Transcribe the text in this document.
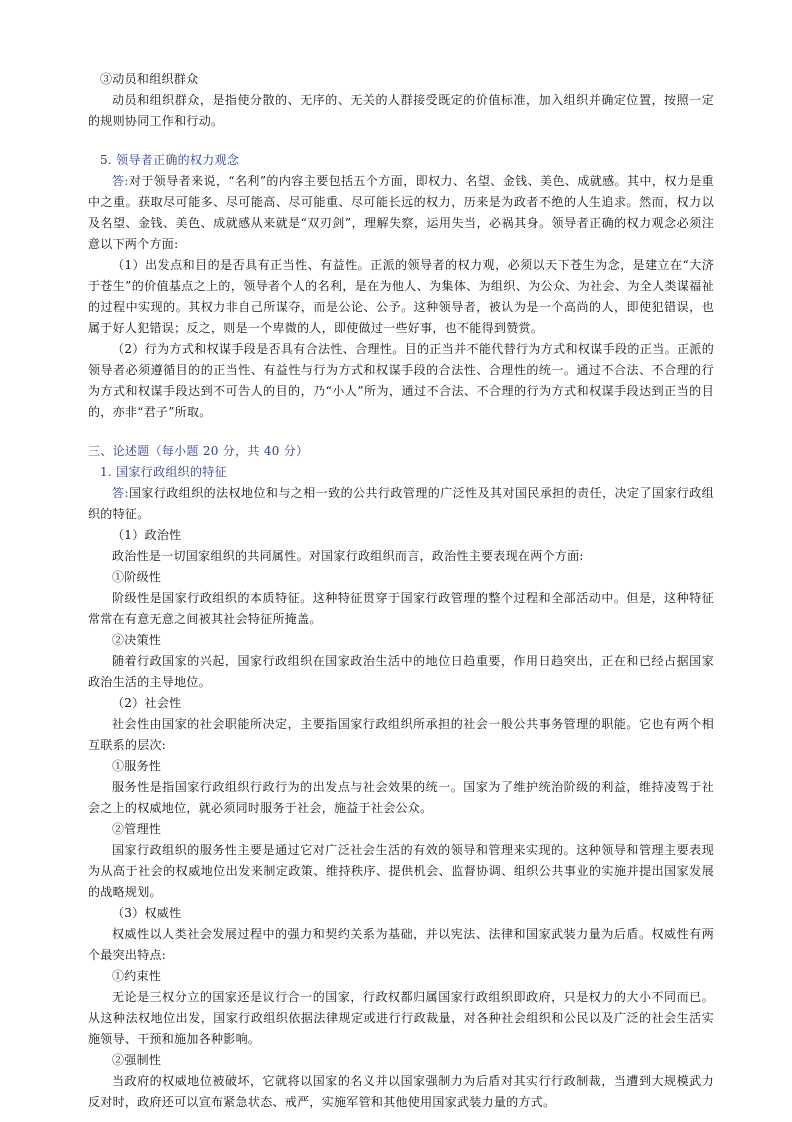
③动员和组织群众

动员和组织群众，是指使分散的、无序的、无关的人群接受既定的价值标准，加入组织并确定位置，按照一定的规则协同工作和行动。

5. 领导者正确的权力观念

答:对于领导者来说，“名利”的内容主要包括五个方面，即权力、名望、金钱、美色、成就感。其中，权力是重中之重。获取尽可能多、尽可能高、尽可能重、尽可能长远的权力，历来是为政者不绝的人生追求。然而，权力以及名望、金钱、美色、成就感从来就是“双刃剑”，理解失察，运用失当，必祸其身。领导者正确的权力观念必须注意以下两个方面:

（1）出发点和目的是否具有正当性、有益性。正派的领导者的权力观，必须以天下苍生为念，是建立在“大济于苍生”的价值基点之上的，领导者个人的名利，是在为他人、为集体、为组织、为公众、为社会、为全人类谋福祉的过程中实现的。其权力非自己所谋夺，而是公论、公予。这种领导者，被认为是一个高尚的人，即使犯错误，也属于好人犯错误；反之，则是一个卑微的人，即使做过一些好事，也不能得到赞赏。

（2）行为方式和权谋手段是否具有合法性、合理性。目的正当并不能代替行为方式和权谋手段的正当。正派的领导者必须遵循目的的正当性、有益性与行为方式和权谋手段的合法性、合理性的统一。通过不合法、不合理的行为方式和权谋手段达到不可告人的目的，乃“小人”所为，通过不合法、不合理的行为方式和权谋手段达到正当的目的，亦非“君子”所取。

三、论述题（每小题 20 分，共 40 分）

1. 国家行政组织的特征

答:国家行政组织的法权地位和与之相一致的公共行政管理的广泛性及其对国民承担的责任，决定了国家行政组织的特征。

（1）政治性

政治性是一切国家组织的共同属性。对国家行政组织而言，政治性主要表现在两个方面:

①阶级性

阶级性是国家行政组织的本质特征。这种特征贯穿于国家行政管理的整个过程和全部活动中。但是，这种特征常常在有意无意之间被其社会特征所掩盖。

②决策性

随着行政国家的兴起，国家行政组织在国家政治生活中的地位日趋重要，作用日趋突出，正在和已经占据国家政治生活的主导地位。

（2）社会性

社会性由国家的社会职能所决定，主要指国家行政组织所承担的社会一般公共事务管理的职能。它也有两个相互联系的层次:

①服务性

服务性是指国家行政组织行政行为的出发点与社会效果的统一。国家为了维护统治阶级的利益，维持凌驾于社会之上的权威地位，就必须同时服务于社会，施益于社会公众。

②管理性

国家行政组织的服务性主要是通过它对广泛社会生活的有效的领导和管理来实现的。这种领导和管理主要表现为从高于社会的权威地位出发来制定政策、维持秩序、提供机会、监督协调、组织公共事业的实施并提出国家发展的战略规划。

（3）权威性

权威性以人类社会发展过程中的强力和契约关系为基础，并以宪法、法律和国家武装力量为后盾。权威性有两个最突出特点:

①约束性

无论是三权分立的国家还是议行合一的国家，行政权都归属国家行政组织即政府，只是权力的大小不同而已。从这种法权地位出发，国家行政组织依据法律规定或进行行政裁量，对各种社会组织和公民以及广泛的社会生活实施领导、干预和施加各种影响。

②强制性

当政府的权威地位被破坏，它就将以国家的名义并以国家强制力为后盾对其实行行政制裁，当遭到大规模武力反对时，政府还可以宣布紧急状态、戒严，实施军管和其他使用国家武装力量的方式。
